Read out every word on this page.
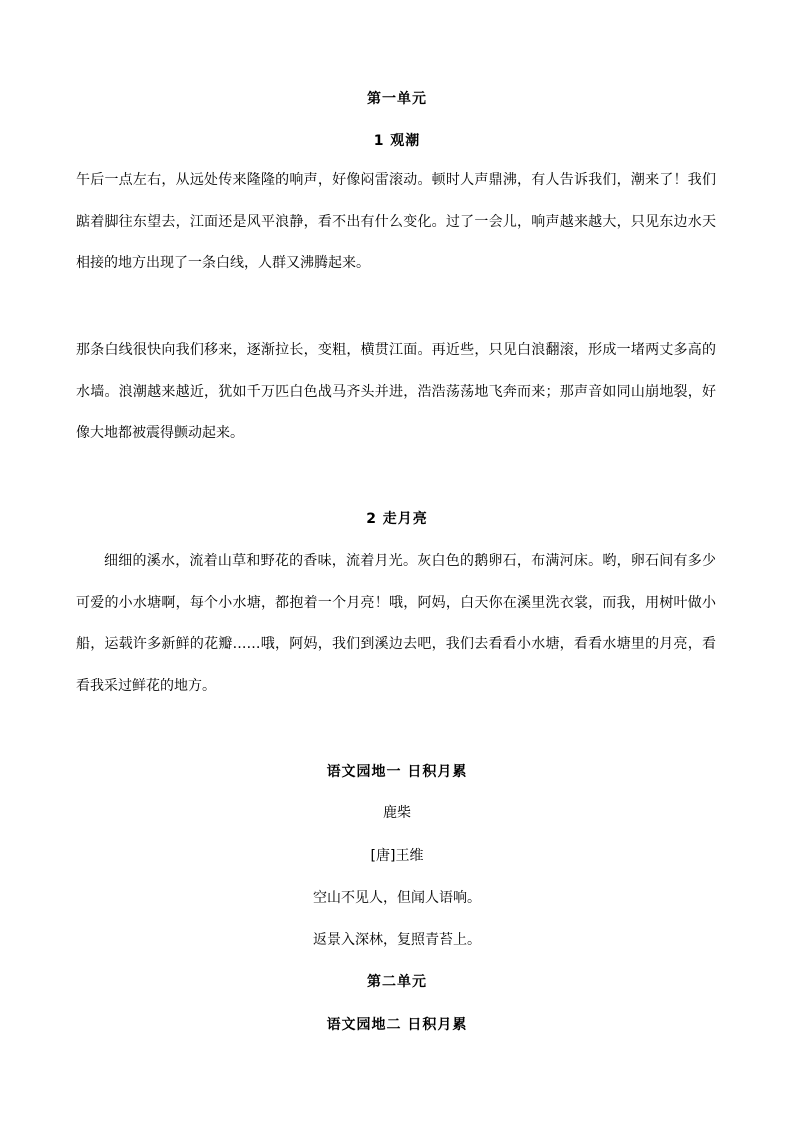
第一单元
1 观潮

午后一点左右，从远处传来隆隆的响声，好像闷雷滚动。顿时人声鼎沸，有人告诉我们，潮来了！我们踮着脚往东望去，江面还是风平浪静，看不出有什么变化。过了一会儿，响声越来越大，只见东边水天相接的地方出现了一条白线，人群又沸腾起来。

那条白线很快向我们移来，逐渐拉长，变粗，横贯江面。再近些，只见白浪翻滚，形成一堵两丈多高的水墙。浪潮越来越近，犹如千万匹白色战马齐头并进，浩浩荡荡地飞奔而来；那声音如同山崩地裂，好像大地都被震得颤动起来。

2 走月亮

细细的溪水，流着山草和野花的香味，流着月光。灰白色的鹅卵石，布满河床。哟，卵石间有多少可爱的小水塘啊，每个小水塘，都抱着一个月亮！哦，阿妈，白天你在溪里洗衣裳，而我，用树叶做小船，运载许多新鲜的花瓣……哦，阿妈，我们到溪边去吧，我们去看看小水塘，看看水塘里的月亮，看看我采过鲜花的地方。

语文园地一 日积月累
鹿柴
[唐]王维
空山不见人，但闻人语响。
返景入深林，复照青苔上。
第二单元
语文园地二 日积月累
